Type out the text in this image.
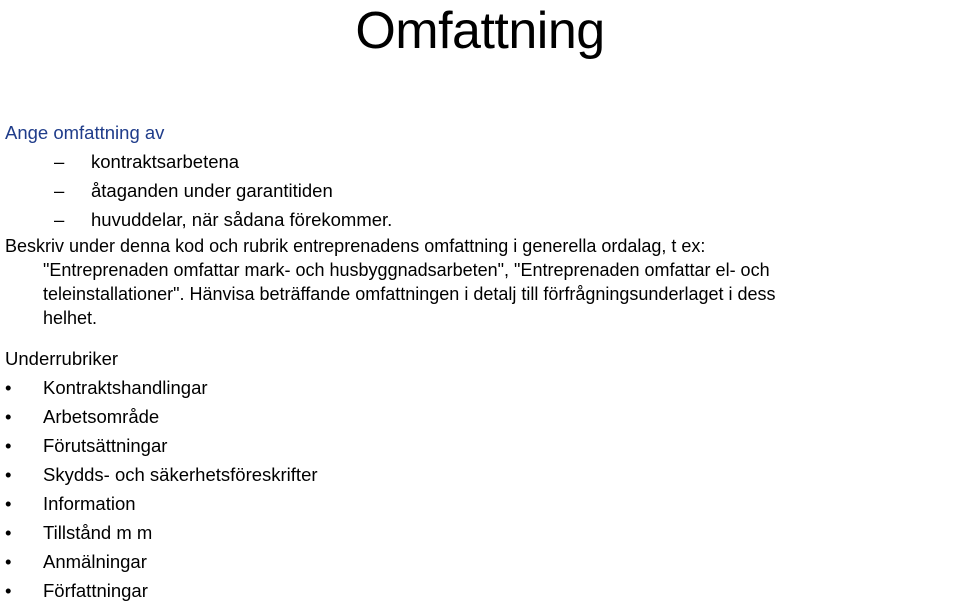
Omfattning
Ange omfattning av
– kontraktsarbetena
– åtaganden under garantitiden
– huvuddelar, när sådana förekommer.
Beskriv under denna kod och rubrik entreprenadens omfattning i generella ordalag, t ex:
"Entreprenaden omfattar mark- och husbyggnadsarbeten", "Entreprenaden omfattar el- och
teleinstallationer". Hänvisa beträffande omfattningen i detalj till förfrågningsunderlaget i dess
helhet.
Underrubriker
• Kontraktshandlingar
• Arbetsområde
• Förutsättningar
• Skydds- och säkerhetsföreskrifter
• Information
• Tillstånd m m
• Anmälningar
• Författningar
